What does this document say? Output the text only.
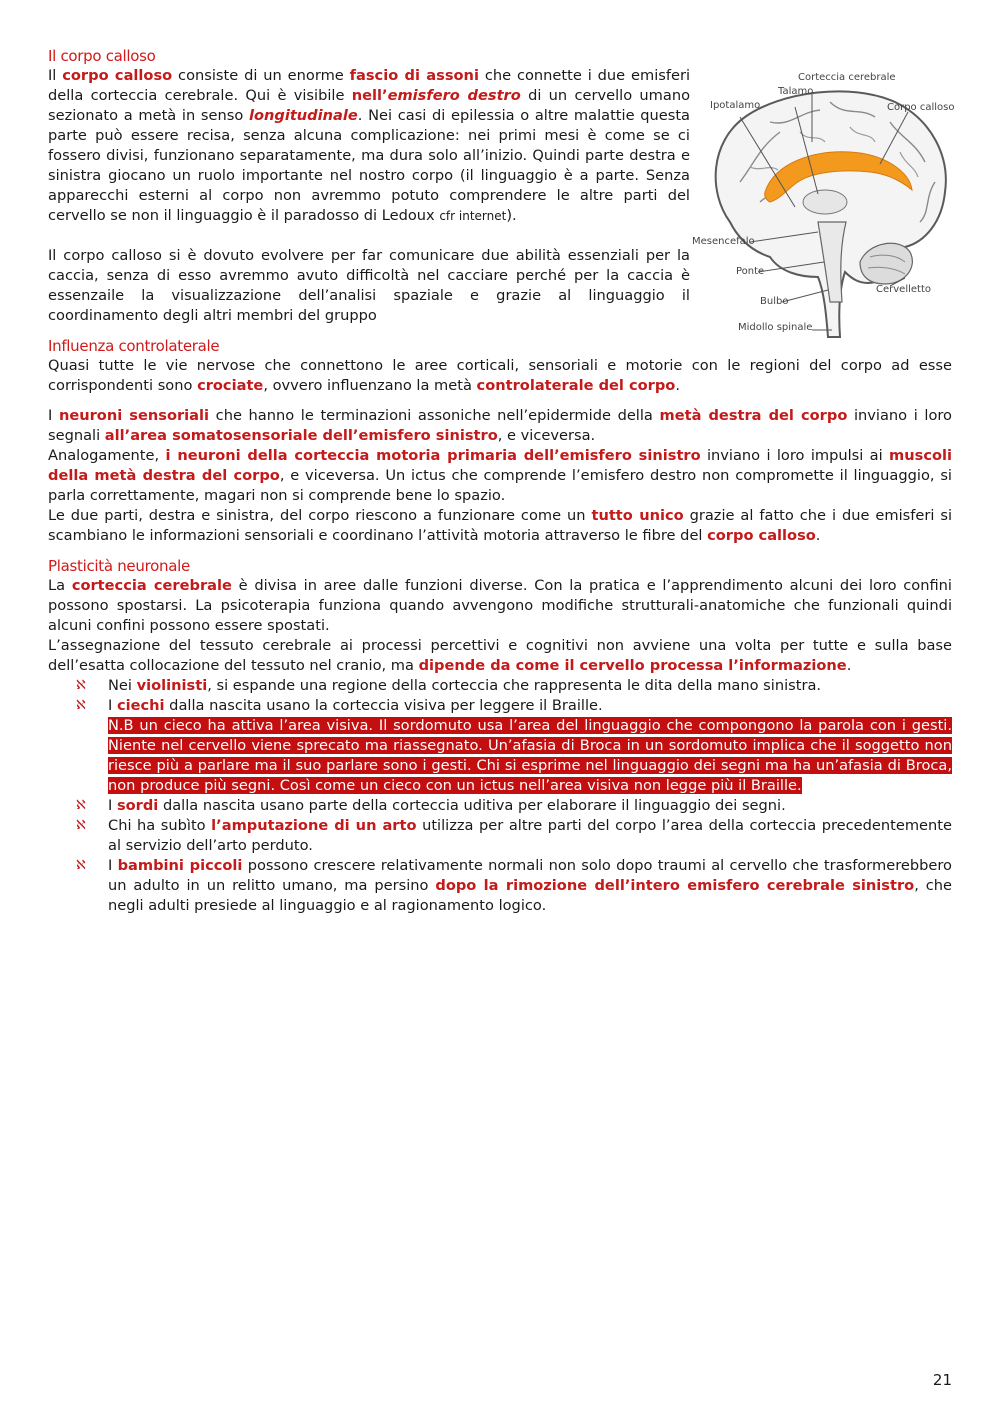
Il corpo calloso
Corteccia cerebrale
Talamo
Ipotalamo	Corpo calloso
Mesencefalo
Ponte
Bulbo
Cervelletto
Midollo spinale

Il corpo calloso consiste di un enorme fascio di assoni che connette i due emisferi della corteccia cerebrale. Qui è visibile nell’emisfero destro di un cervello umano sezionato a metà in senso longitudinale. Nei casi di epilessia o altre malattie questa parte può essere recisa, senza alcuna complicazione: nei primi mesi è come se ci fossero divisi, funzionano separatamente, ma dura solo all’inizio. Quindi parte destra e sinistra giocano un ruolo importante nel nostro corpo (il linguaggio è a parte. Senza apparecchi esterni al corpo non avremmo potuto comprendere le altre parti del cervello se non il linguaggio è il paradosso di Ledoux cfr internet).

Il corpo calloso si è dovuto evolvere per far comunicare due abilità essenziali per la caccia, senza di esso avremmo avuto difficoltà nel cacciare perché per la caccia è essenzaile la visualizzazione dell’analisi spaziale e grazie al linguaggio il coordinamento degli altri membri del gruppo

Influenza controlaterale

Quasi tutte le vie nervose che connettono le aree corticali, sensoriali e motorie con le regioni del corpo ad esse corrispondenti sono crociate, ovvero influenzano la metà controlaterale del corpo.

I neuroni sensoriali che hanno le terminazioni assoniche nell’epidermide della metà destra del corpo inviano i loro segnali all’area somatosensoriale dell’emisfero sinistro, e viceversa.

Analogamente, i neuroni della corteccia motoria primaria dell’emisfero sinistro inviano i loro impulsi ai muscoli della metà destra del corpo, e viceversa. Un ictus che comprende l’emisfero destro non compromette il linguaggio, si parla correttamente, magari non si comprende bene lo spazio.

Le due parti, destra e sinistra, del corpo riescono a funzionare come un tutto unico grazie al fatto che i due emisferi si scambiano le informazioni sensoriali e coordinano l’attività motoria attraverso le fibre del corpo calloso.

Plasticità neuronale

La corteccia cerebrale è divisa in aree dalle funzioni diverse. Con la pratica e l’apprendimento alcuni dei loro confini possono spostarsi. La psicoterapia funziona quando avvengono modifiche strutturali-anatomiche che funzionali quindi alcuni confini possono essere spostati.

L’assegnazione del tessuto cerebrale ai processi percettivi e cognitivi non avviene una volta per tutte e sulla base dell’esatta collocazione del tessuto nel cranio, ma dipende da come il cervello processa l’informazione.

ℵ Nei violinisti, si espande una regione della corteccia che rappresenta le dita della mano sinistra.
ℵ I ciechi dalla nascita usano la corteccia visiva per leggere il Braille.
N.B un cieco ha attiva l’area visiva. Il sordomuto usa l’area del linguaggio che compongono la parola con i gesti. Niente nel cervello viene sprecato ma riassegnato. Un’afasia di Broca in un sordomuto implica che il soggetto non riesce più a parlare ma il suo parlare sono i gesti. Chi si esprime nel linguaggio dei segni ma ha un’afasia di Broca, non produce più segni. Così come un cieco con un ictus nell’area visiva non legge più il Braille.
ℵ I sordi dalla nascita usano parte della corteccia uditiva per elaborare il linguaggio dei segni.
ℵ Chi ha subìto l’amputazione di un arto utilizza per altre parti del corpo l’area della corteccia precedentemente al servizio dell’arto perduto.
ℵ I bambini piccoli possono crescere relativamente normali non solo dopo traumi al cervello che trasformerebbero un adulto in un relitto umano, ma persino dopo la rimozione dell’intero emisfero cerebrale sinistro, che negli adulti presiede al linguaggio e al ragionamento logico.
21
